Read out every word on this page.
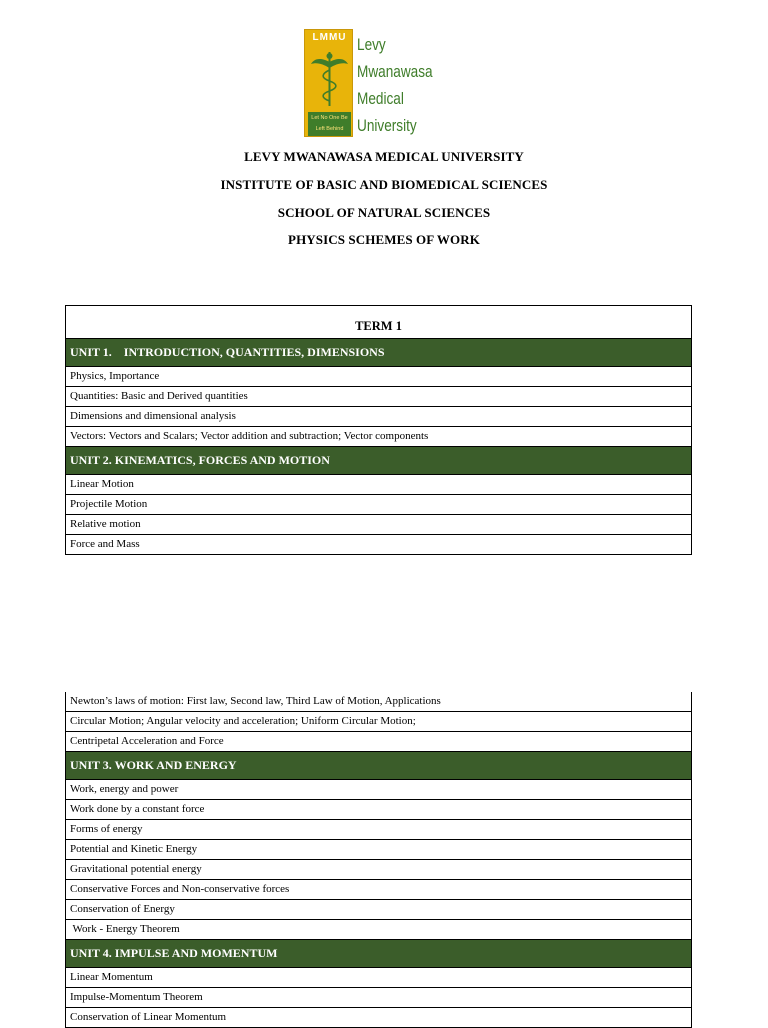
LMMU
Let No One Be
Left Behind
Levy
Mwanawasa
Medical
University
LEVY MWANAWASA MEDICAL UNIVERSITY
INSTITUTE OF BASIC AND BIOMEDICAL SCIENCES
SCHOOL OF NATURAL SCIENCES
PHYSICS SCHEMES OF WORK
TERM 1
UNIT 1.    INTRODUCTION, QUANTITIES, DIMENSIONS
Physics, Importance
Quantities: Basic and Derived quantities
Dimensions and dimensional analysis
Vectors: Vectors and Scalars; Vector addition and subtraction; Vector components
UNIT 2. KINEMATICS, FORCES AND MOTION
Linear Motion
Projectile Motion
Relative motion
Force and Mass
Newton’s laws of motion: First law, Second law, Third Law of Motion, Applications
Circular Motion; Angular velocity and acceleration; Uniform Circular Motion;
Centripetal Acceleration and Force
UNIT 3. WORK AND ENERGY
Work, energy and power
Work done by a constant force
Forms of energy
Potential and Kinetic Energy
Gravitational potential energy
Conservative Forces and Non-conservative forces
Conservation of Energy
Work - Energy Theorem
UNIT 4. IMPULSE AND MOMENTUM
Linear Momentum
Impulse-Momentum Theorem
Conservation of Linear Momentum
